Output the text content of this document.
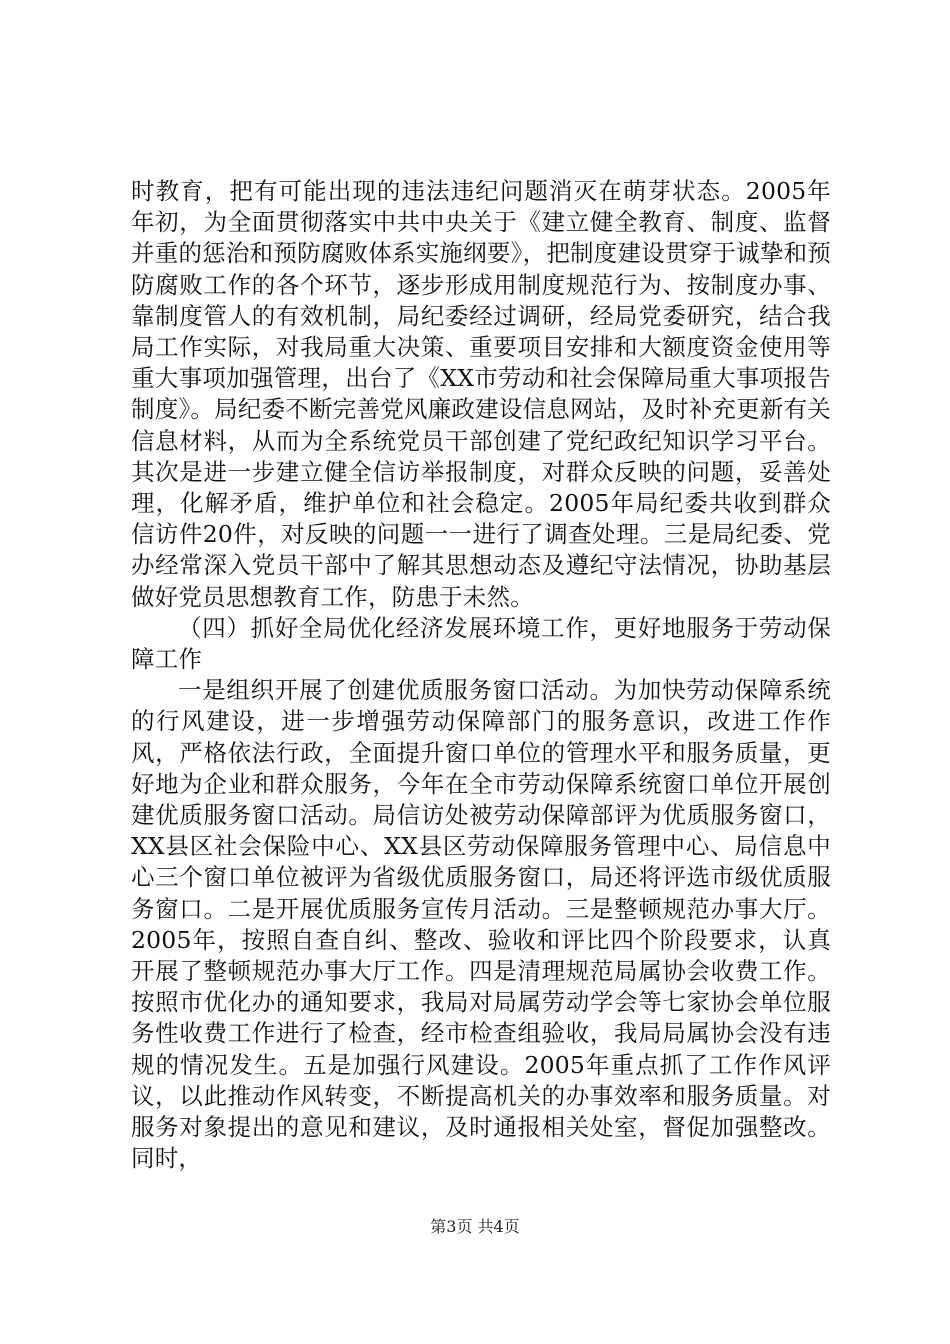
时教育，把有可能出现的违法违纪问题消灭在萌芽状态。2005年年初，为全面贯彻落实中共中央关于《建立健全教育、制度、监督并重的惩治和预防腐败体系实施纲要》，把制度建设贯穿于诚挚和预防腐败工作的各个环节，逐步形成用制度规范行为、按制度办事、靠制度管人的有效机制，局纪委经过调研，经局党委研究，结合我局工作实际，对我局重大决策、重要项目安排和大额度资金使用等重大事项加强管理，出台了《XX市劳动和社会保障局重大事项报告制度》。局纪委不断完善党风廉政建设信息网站，及时补充更新有关信息材料，从而为全系统党员干部创建了党纪政纪知识学习平台。其次是进一步建立健全信访举报制度，对群众反映的问题，妥善处理，化解矛盾，维护单位和社会稳定。2005年局纪委共收到群众信访件20件，对反映的问题一一进行了调查处理。三是局纪委、党办经常深入党员干部中了解其思想动态及遵纪守法情况，协助基层做好党员思想教育工作，防患于未然。

（四）抓好全局优化经济发展环境工作，更好地服务于劳动保障工作

一是组织开展了创建优质服务窗口活动。为加快劳动保障系统的行风建设，进一步增强劳动保障部门的服务意识，改进工作作风，严格依法行政，全面提升窗口单位的管理水平和服务质量，更好地为企业和群众服务，今年在全市劳动保障系统窗口单位开展创建优质服务窗口活动。局信访处被劳动保障部评为优质服务窗口，XX县区社会保险中心、XX县区劳动保障服务管理中心、局信息中心三个窗口单位被评为省级优质服务窗口，局还将评选市级优质服务窗口。二是开展优质服务宣传月活动。三是整顿规范办事大厅。2005年，按照自查自纠、整改、验收和评比四个阶段要求，认真开展了整顿规范办事大厅工作。四是清理规范局属协会收费工作。按照市优化办的通知要求，我局对局属劳动学会等七家协会单位服务性收费工作进行了检查，经市检查组验收，我局局属协会没有违规的情况发生。五是加强行风建设。2005年重点抓了工作作风评议，以此推动作风转变，不断提高机关的办事效率和服务质量。对服务对象提出的意见和建议，及时通报相关处室，督促加强整改。同时，

第3页 共4页
